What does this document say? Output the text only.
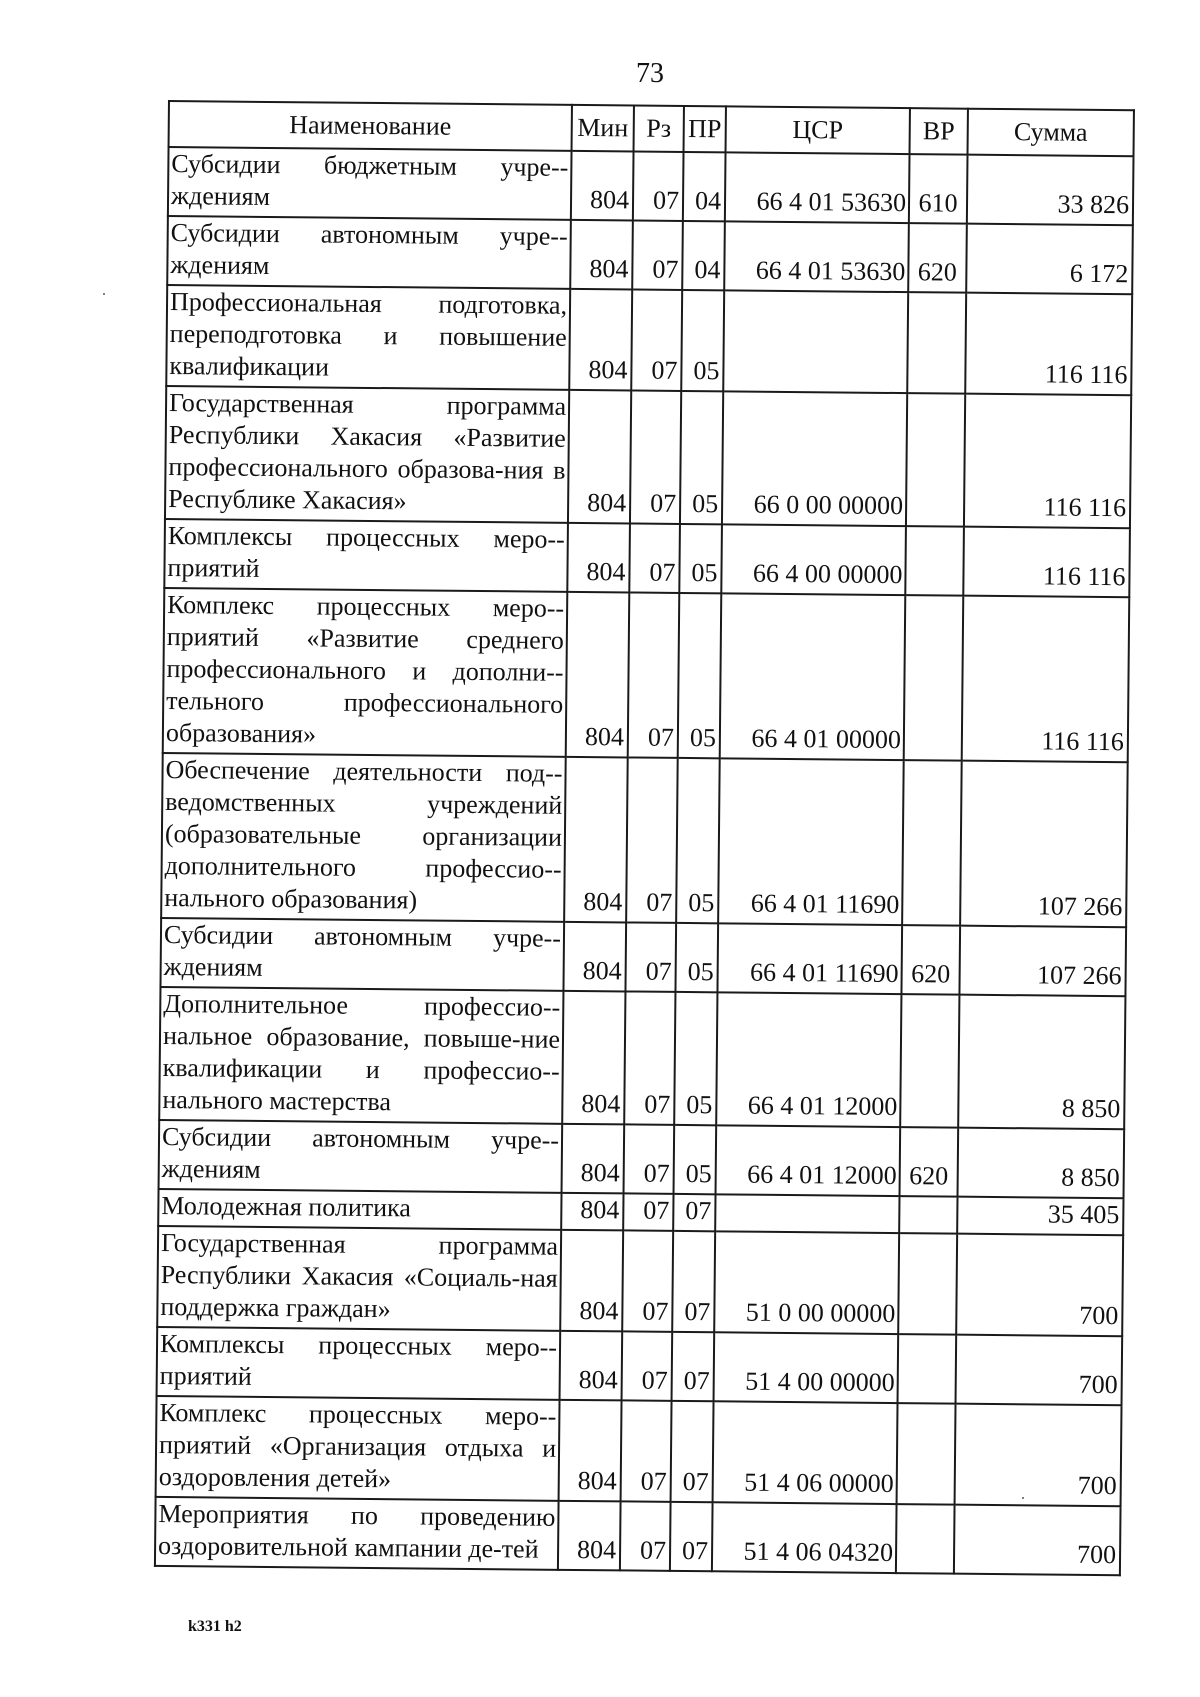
73
Наименование	Мин	Рз	ПР	ЦСР	ВР	Сумма
Субсидии бюджетным учре-ждениям	804	07	04	66 4 01 53630	610	33 826
Субсидии автономным учре-ждениям	804	07	04	66 4 01 53630	620	6 172
Профессиональная подготовка, переподготовка и повышение квалификации	804	07	05			116 116
Государственная программа Республики Хакасия «Развитие профессионального образова-ния в Республике Хакасия»	804	07	05	66 0 00 00000		116 116
Комплексы процессных меро-приятий	804	07	05	66 4 00 00000		116 116
Комплекс процессных меро-приятий «Развитие среднего профессионального и дополни-тельного профессионального образования»	804	07	05	66 4 01 00000		116 116
Обеспечение деятельности под-ведомственных учреждений (образовательные организации дополнительного профессио-нального образования)	804	07	05	66 4 01 11690		107 266
Субсидии автономным учре-ждениям	804	07	05	66 4 01 11690	620	107 266
Дополнительное профессио-нальное образование, повыше-ние квалификации и профессио-нального мастерства	804	07	05	66 4 01 12000		8 850
Субсидии автономным учре-ждениям	804	07	05	66 4 01 12000	620	8 850
Молодежная политика	804	07	07			35 405
Государственная программа Республики Хакасия «Социаль-ная поддержка граждан»	804	07	07	51 0 00 00000		700
Комплексы процессных меро-приятий	804	07	07	51 4 00 00000		700
Комплекс процессных меро-приятий «Организация отдыха и оздоровления детей»	804	07	07	51 4 06 00000		700
Мероприятия по проведению оздоровительной кампании де-тей	804	07	07	51 4 06 04320		700
k331 h2
